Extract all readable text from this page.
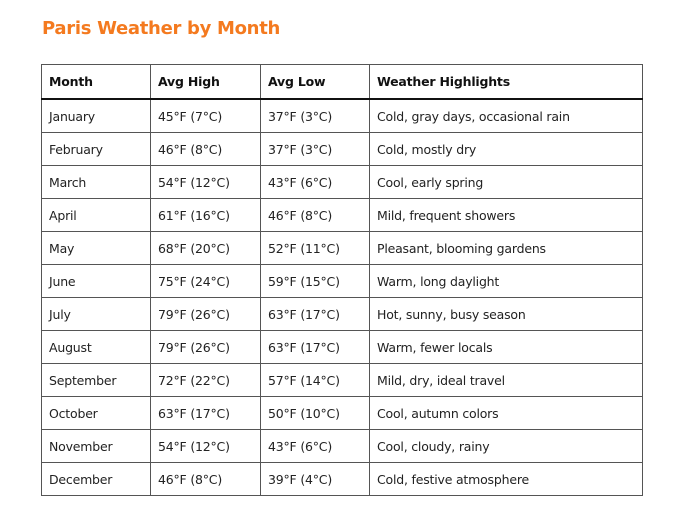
Paris Weather by Month
Month	Avg High	Avg Low	Weather Highlights
January	45°F (7°C)	37°F (3°C)	Cold, gray days, occasional rain
February	46°F (8°C)	37°F (3°C)	Cold, mostly dry
March	54°F (12°C)	43°F (6°C)	Cool, early spring
April	61°F (16°C)	46°F (8°C)	Mild, frequent showers
May	68°F (20°C)	52°F (11°C)	Pleasant, blooming gardens
June	75°F (24°C)	59°F (15°C)	Warm, long daylight
July	79°F (26°C)	63°F (17°C)	Hot, sunny, busy season
August	79°F (26°C)	63°F (17°C)	Warm, fewer locals
September	72°F (22°C)	57°F (14°C)	Mild, dry, ideal travel
October	63°F (17°C)	50°F (10°C)	Cool, autumn colors
November	54°F (12°C)	43°F (6°C)	Cool, cloudy, rainy
December	46°F (8°C)	39°F (4°C)	Cold, festive atmosphere
